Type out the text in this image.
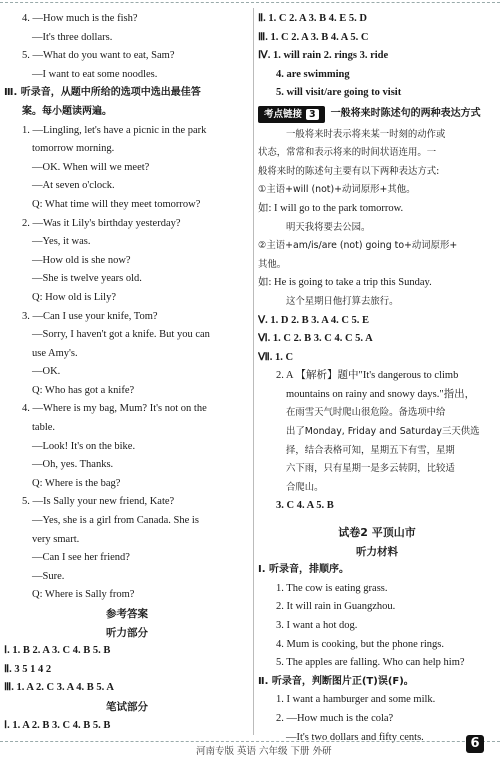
4. —How much is the fish?
—It's three dollars.
5. —What do you want to eat, Sam?
—I want to eat some noodles.
Ⅲ. 听录音，从题中所给的选项中选出最佳答
案。每小题读两遍。
1. —Lingling, let's have a picnic in the park
tomorrow morning.
—OK. When will we meet?
—At seven o'clock.
Q: What time will they meet tomorrow?
2. —Was it Lily's birthday yesterday?
—Yes, it was.
—How old is she now?
—She is twelve years old.
Q: How old is Lily?
3. —Can I use your knife, Tom?
—Sorry, I haven't got a knife. But you can
use Amy's.
—OK.
Q: Who has got a knife?
4. —Where is my bag, Mum? It's not on the
table.
—Look! It's on the bike.
—Oh, yes. Thanks.
Q: Where is the bag?
5. —Is Sally your new friend, Kate?
—Yes, she is a girl from Canada. She is
very smart.
—Can I see her friend?
—Sure.
Q: Where is Sally from?
参考答案
听力部分
Ⅰ. 1. B 2. A 3. C 4. B 5. B
Ⅱ. 3 5 1 4 2
Ⅲ. 1. A 2. C 3. A 4. B 5. A
笔试部分
Ⅰ. 1. A 2. B 3. C 4. B 5. B
Ⅱ. 1. C 2. A 3. B 4. E 5. D
Ⅲ. 1. C 2. A 3. B 4. A 5. C
Ⅳ. 1. will rain 2. rings 3. ride
4. are swimming
5. will visit/are going to visit
考点链接 3	一般将来时陈述句的两种表达方式
一般将来时表示将来某一时刻的动作或
状态，常常和表示将来的时间状语连用。一
般将来时的陈述句主要有以下两种表达方式:
①主语+will (not)+动词原形+其他。
如: I will go to the park tomorrow.
明天我将要去公园。
②主语+am/is/are (not) going to+动词原形+
其他。
如: He is going to take a trip this Sunday.
这个星期日他打算去旅行。
Ⅴ. 1. D 2. B 3. A 4. C 5. E
Ⅵ. 1. C 2. B 3. C 4. C 5. A
Ⅶ. 1. C
2. A 【解析】题中"It's dangerous to climb
mountains on rainy and snowy days."指出，
在雨雪天气时爬山很危险。备选项中给
出了Monday, Friday and Saturday三天供选
择，结合表格可知，星期五下有雪，星期
六下雨，只有星期一是多云转阴，比较适
合爬山。
3. C 4. A 5. B
试卷2 平顶山市
听力材料
Ⅰ. 听录音，排顺序。
1. The cow is eating grass.
2. It will rain in Guangzhou.
3. I want a hot dog.
4. Mum is cooking, but the phone rings.
5. The apples are falling. Who can help him?
Ⅱ. 听录音，判断图片正(T)误(F)。
1. I want a hamburger and some milk.
2. —How much is the cola?
—It's two dollars and fifty cents.
河南专版 英语 六年级 下册 外研
6
